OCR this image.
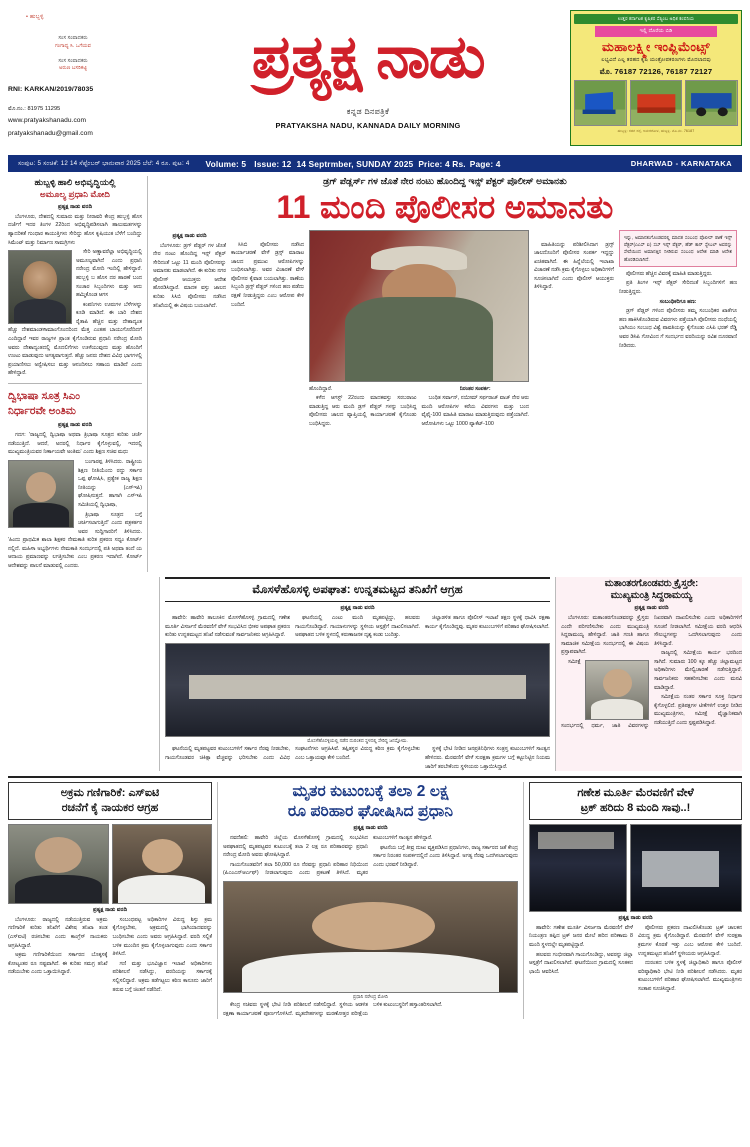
• ಹುಬ್ಬಳ್ಳಿ
ಸಂಸ ಸಂಪಾದಕರು
ಗಂಗಾಧ್ಯ ಸಿ. ಒಗೆಯವ
ಸಂಸ ಸಂಪಾದಕರು
ಅರುಣ ಬಸರಿಕಟ್ಟಿ
RNI: KARKAN/2019/78035
ಮೊ.ನಂ.: 81975 11295
www.pratyakshanadu.com
pratyakshanadu@gmail.com
ಪ್ರತ್ಯಕ್ಷ ನಾಡು
ಕನ್ನಡ ದಿನಪತ್ರಿಕೆ
PRATYAKSHA NADU, KANNADA DAILY MORNING
ಉತ್ತರ ಕರ್ನಾಟಕ ಕೃಷಿಕರ ಸೆಪ್ಟಿಂಬ ಅಧಿಕ ಕಂಪನಿಯ
ಇಲ್ಲಿ ದೊರೆಯ ಬಿಡಿ
ಮಹಾಲಕ್ಷ್ಮೀ ಇಂಪ್ಲಿಮೆಂಟ್ಸ್
ಲಭ್ಯವಿದೆ ಎಲ್ಲ ತರಹದ ಕೃಷಿ ಯಂತ್ರೋಪಕರಣಗಳು ಮೊದಲಾದವು
ಮೊ. 76187 72126, 76187 72127
ಹುಬ್ಬಳ್ಳಿ: ಗದಗ ರಸ್ತೆ, ಅಮರಗೋಳ, ಹುಬ್ಬಳ್ಳಿ. ಮೊ.ನಂ. 76187
ಸಂಪುಟ: 5 ಸಂಚಿಕೆ: 12 14 ಸೆಪ್ಟೆಂಬರ್ ಭಾನುವಾರ 2025 ಬೆಲೆ: 4 ರೂ. ಪುಟ: 4 Volume: 5 Issue: 12 14 Septrmber, SUNDAY 2025 Price: 4 Rs. Page: 4	DHARWAD - KARNATAKA
ಹುಬ್ಬಳ್ಳಿ ಹಾಲಿ ಅಭಿವೃದ್ಧಿಯಲ್ಲಿ
ಅಮೂಲ್ಯ ಪ್ರಧಾನಿ ಮೋದಿ
ಪ್ರತ್ಯಕ್ಷ ನಾಡು ವರದಿ

ಬೆಂಗಳೂರು, ದೇಶದಲ್ಲಿ ಸುಮಾರು ಮತ್ತು ನೀರಾವರಿ ಕೇಂದ್ರ ಹುಬ್ಬಳ್ಳಿ ಹೊಸ ದರ್ಜೆಗೆ ಇದರ ತಿಂಗಳ 22ರಿಂದ ಅಭಿವೃದ್ಧಿಪಡಿಸಲಾಗಿ ಹಾಲುಮತಗಳನ್ನು ಹ್ಯಾದರಿಕತೆ ಗುಂಧಾರ ಕಾಯುತ್ತಿಗಳು ಸೇರಿದ್ದು ಹೊಸ ಕೃಷಿಯುತ ಬೆಳೆಗೆ ಬಂದಿದ್ದು ಸಿಮೆಂಟ್ ಮತ್ತು ನಿರ್ಮಾಣ ಸಾಮಗ್ರಿಗಳು

ಸೇರಿ ಅಣ್ಣಾವರೆಲ್ಲಾ ಅಭಿವೃದ್ಧಿಯಲ್ಲಿ ಅಮೂಲ್ಯವಾಗಿದೆ ಎಂದು ಪ್ರಧಾನಿ ನರೇಂದ್ರ ಮೋದಿ ಇಂದಿಲ್ಲಿ ಹೇಳಿದ್ದಾರೆ. ಹುಬ್ಬಳ್ಳಿ ಬ ಹೊಸ ದರ ಹಾರಣೆ ಬಂದ ಸಂಚಾರ ಸಿಬ್ಬಂದಿಗಳು ಮತ್ತು ಆದು ಹಮ್ಮಿಕೊಂಡ ಆಗಸ

ಕಂಪನಿಗಳು ಊರುಗಳ ಬೆಳೆಗಳನ್ನು ಕೂಡಿ ಮಾಡಿದೆ. ಈ ಬಾರಿ ದೇಶದ ರೈತಾಪಿ ಹೆಚ್ಚಿನ ಮತ್ತು ದೇಶಾದ್ಯಂತ ಹೆಚ್ಚು ದೇಶಮಾಂಡಳಾಮಾಂಗೊಂದರಿಂದ ಮೆತ್ತ ಎಂತಹ ಬಾಯುಗೊರೆದಿದಗೆ ಎಂದಿದ್ದಾರೆ ಇವರ ರಾಜ್ಯಗಳ ಪ್ರಾಂತ ಕೈಗೊಂಡಿರುವ ಪ್ರಧಾನಿ ನರೇಂದ್ರ ಮೋದಿ ಅವರು ದೇಶಾದ್ಯಂತದಲ್ಲಿ ಮೊದಲಿಗೆಗಳು ಊಳೆಯುವುದು ಮತ್ತು ಹೊಂದಿಗೆ ಉಂಟು ಮಾಡುವುದು ಅಗತ್ಯವಾಗುತ್ತದೆ. ಹೆಚ್ಚು ಜನರು ದೇಶದ ವಿವಿಧ ಭಾಗಗಳಲ್ಲಿ ಪ್ರಯಾಣಿಸಲು ಅನ್ವೇಷಿಸಲು ಮತ್ತು ಆನಂದಿಸಲು ಸಹಾಯ ಮಾಡಿದೆ ಎಂದು ಹೇಳಿದ್ದಾರೆ.

ದ್ವಿಭಾಷಾ ಸೂತ್ರ ಸಿಎಂ
ನಿರ್ಧಾರವೇ ಅಂತಿಮ
ಪ್ರತ್ಯಕ್ಷ ನಾಡು ವರದಿ

ಗದಗ: 'ರಾಜ್ಯದಲ್ಲಿ ದ್ವಿಭಾಷಾ ಅಥವಾ ತ್ರಿಭಾಷಾ ಸೂತ್ರದ ಕುರಿತು ಚರ್ಚೆ ನಡೆಯುತ್ತಿದೆ. ಆದರೆ, ಅದರಲ್ಲಿ ನಿರ್ಧಾರ ಕೈಗೊಳ್ಳುವಲ್ಲಿ, ಇದರಲ್ಲಿ ಮುಖ್ಯಮಂತ್ರಿಯವರ ನಿರ್ಣಾಯವೇ ಅಂತಿಮ' ಎಂದು ಶಿಕ್ಷಣ ಸಚಿವ ಮಧು

ಬಂಗಾರಪ್ಪ ತಿಳಿಸಿದರು. ರಾಷ್ಟ್ರೀಯ ಶಿಕ್ಷಣ ನೀತಿಯೆಂದು ರದ್ದು ಸರ್ಕಾರ ಒಪ್ಪ ಘೋಷಿಸಿ, ಪ್ರತ್ಯೇಕ ರಾಜ್ಯ ಶಿಕ್ಷಣ ನೀತಿಯನ್ನು (ಎಸ್ಇಪಿ) ಘೋಷಿಸುತ್ತದೆ. ಹಾಗಾಗಿ ಎಸ್ಇಪಿ ಸಮಿತಿಯಲ್ಲಿ ದ್ವಿಭಾಷಾ,

ತ್ರಿಭಾಷಾ ಸೂತ್ರದ ಬಗ್ಗೆ ಚರ್ಚಿಸಲಾಗುತ್ತಿದೆ' ಎಂದು ಪತ್ರಕರ್ತರ ಅವರ ಸುದ್ದಿಗಾರರಿಗೆ ತಿಳಿಸಿದರು. 'ಹಿಂದು ಪ್ರಾಥಮಿಕ ಶಾಲಾ ಶಿಕ್ಷಕರ ನೇಮಕಾತಿ ಕುರಿತ ಪ್ರಕರಣ ಸಧ್ಯಂ ಕೋರ್ಟ್ ನಲ್ಲಿದೆ. ಮಹಿಳಾ ಅಭ್ಯರ್ಥಿಗಳು ನೇಮಕಾತಿ ಸಂದರ್ಭದಲ್ಲಿ ಪತಿ ಅಥವಾ ತಂದೆ ಯ ಆದಾಯ ಪ್ರಮಾಣವನ್ನು ಲಗತ್ತಿಸಬೇಕು ಎಂಬ ಪ್ರಕರಣ ಇದಾಗಿದೆ. ಕೋರ್ಟ್ ಆದೇಶವನ್ನು ಪಾಲನೆ ಮಾಡುವಲ್ಲಿ ಎಂದರು.

ಡ್ರಗ್ ಪೆಡ್ಲರ್ಸ್ ಗಳ ಜೊತೆ ನೇರ ನಂಟು ಹೊಂದಿದ್ದ ಇನ್ಸ್ ಪೆಕ್ಟರ್ ಪೊಲೀಸ್ ಅಮಾನತು
11 ಮಂದಿ ಪೊಲೀಸರ ಅಮಾನತು
ಪ್ರತ್ಯಕ್ಷ ನಾಡು ವರದಿ

ಬೆಂಗಳೂರು: ಡ್ರಗ್ ಪೆಡ್ಲರ್ ಗಳ ಜೊತೆ ನೇರ ನಂಟು ಹೊಂದಿದ್ದ ಇನ್ಸ್ ಪೆಕ್ಟರ್ ಸೇರಿದಂತೆ ಒಟ್ಟು 11 ಮಂದಿ ಪೊಲೀಸರನ್ನು ಅಮಾನತು ಮಾಡಲಾಗಿದೆ. ಈ ಕುರಿತು ನಗರ ಪೊಲೀಸ್ ಆಯುಕ್ತರು ಆದೇಶ ಹೊರಡಿಸಿದ್ದಾರೆ. ಮಾದಕ ವಸ್ತು ಜಾಲದ ಕುರಿತು ಸಿಸಿಬಿ ಪೊಲೀಸರು ನಡೆಸಿದ ತನಿಖೆಯಲ್ಲಿ ಈ ವಿಷಯ ಬಯಲಾಗಿದೆ.

ಸಿಸಿಬಿ ಪೊಲೀಸರು ನಡೆಸಿದ ಕಾರ್ಯಾಚರಣೆ ವೇಳೆ ಡ್ರಗ್ಸ್ ಮಾರಾಟ ಜಾಲದ ಪ್ರಮುಖ ಆರೋಪಿಗಳನ್ನು ಬಂಧಿಸಲಾಗಿತ್ತು. ಅವರ ವಿಚಾರಣೆ ವೇಳೆ ಪೊಲೀಸರ ಕೈವಾಡ ಬಯಲಾಗಿತ್ತು. ಠಾಣೆಯ ಸಿಬ್ಬಂದಿ ಡ್ರಗ್ಸ್ ಪೆಡ್ಲರ್ ಗಳಿಂದ ಹಣ ಪಡೆದು ರಕ್ಷಣೆ ನೀಡುತ್ತಿದ್ದರು ಎಂಬ ಆರೋಪ ಕೇಳಿ ಬಂದಿದೆ.

ಹೊಂದಿದ್ದಾರೆ.

ಕಳೆದ ಆಗಸ್ಟ್ 22ರಂದು ಮಾದಕವಸ್ತು ಸರಬರಾಜು ಮಾಡುತ್ತಿದ್ದ ಆರು ಮಂದಿ ಡ್ರಗ್ ಪೆಡ್ಲರ್ ಗಳನ್ನು ಬಂಧಿಸಿದ್ದ ಪೊಲೀಸರು ಜಾಲದ ವ್ಯಾಪ್ತಿಯಲ್ಲಿ ಕಾರ್ಯಾಚರಣೆ ಕೈಗೊಂಡು ಬಂಧಿಸಿದ್ದರು.

ನಿರಂತರ ಸಂಪರ್ಕ:

ಬಂಧಿತ ಸರ್ವಾನ್, ನಯೀಮ್ ಸರ್ಫರಾಜ್ ವಾಜ್ ನೇರ ಆರು ಮಂದಿ ಆರೋಪಿಗಳ ಕರೆಯ ವಿವರಗಳು ಮತ್ತು ಬಂದ ವೈಫೈ-100 ಮಾಹಿತಿ ಮಾರಾಟ ಮಾಡುತ್ತಿರುವುದು ಪತ್ತೆಯಾಗಿದೆ. ಆರೋಪಿಗಳು ಒಟ್ಟು 1000 ಪ್ಯಾಕೆಟ್-100

ಮಾಹಿತಿಯನ್ನು ಪರಿಶೀಲಿಸಿದಾಗ ಡ್ರಗ್ಸ್ ಜಾಲದೊಂದಿಗೆ ಪೊಲೀಸರ ಸಂಪರ್ಕ ಇದ್ದದ್ದು ಖಚಿತವಾಗಿದೆ. ಈ ಹಿನ್ನೆಲೆಯಲ್ಲಿ ಇಲಾಖಾ ವಿಚಾರಣೆ ನಡೆಸಿ ಕ್ರಮ ಕೈಗೊಳ್ಳಲು ಅಧಿಕಾರಿಗಳಿಗೆ ಸೂಚಿಸಲಾಗಿದೆ ಎಂದು ಪೊಲೀಸ್ ಆಯುಕ್ತರು ತಿಳಿಸಿದ್ದಾರೆ.

ಇನ್ನು, ಅಮಾನತುಗೊಂಡವರಲ್ಲಿ ಮಾದಕ ಸಂಬಂಧ ಪೊಲೀಸ್ ಠಾಣೆ ಇನ್ಸ್ ಪೆಕ್ಟರ್(ಎಎಸ್ ಐ) ಸಬ್ ಇನ್ಸ್ ಪೆಕ್ಟರ್, ಹೆಡ್ ಕಾನ್ ಸ್ಟೇಬಲ್ ಅವರನ್ನು ಸೇವೆಯಿಂದ ಅಮಾನತ್ತಿನ ನೀಡಿರುವ ಸಂಬಂಧ ಆದೇಶ ಮಾಡಿ ಆದೇಶ ಹೊರಡಿಸಲಾಗಿದೆ.

ಪೊಲೀಸರು ಹೆಚ್ಚಿನ ವಿವರಕ್ಕೆ ಮಾಹಿತಿ ಮಾಡುತ್ತಿದ್ದರು.

ಪ್ರತಿ ತಿಂಗಳ ಇನ್ಸ್ ಪೆಕ್ಟರ್ ಸೇರಿದಂತೆ ಸಿಬ್ಬಂದಿಗಳಿಗೆ ಹಣ ನೀಡುತ್ತಿದ್ದರು.

ಸಂಬಂಧಿಕರಿಗೂ ಹಣ:

ಡ್ರಗ್ ಪೆಡ್ಲರ್ ಗಳಿಂದ ಪೊಲೀಸರು ತಮ್ಮ ಸಂಬಂಧಿಕರ ಖಾತೆಗೂ ಹಣ ಹಾಕಿಸಿಕೊಂಡಿರುವ ವಿವರಗಳು ಪತ್ತೆಯಾಗಿ ಪೊಲೀಸರು ದಂಧೆಯಲ್ಲಿ ಭಾಗಿಯಂ ಸಂಬಂಧ ವಿಶ್ವೆ ಪಾವತಿಯನ್ನು ಕೈಗೊಂಡು ಎಸಿಪಿ ಭರತ್ ರೆಡ್ಡಿ ಅವರ ಡಿಸಿಪಿ ಗೋವಿಂದ ಗೆ ಸಂದರ್ಭದ ವರದಿಯನ್ನು ರವಿಶ ದೂರವಾಣಿ ನೀಡಿದರು.

ಮೊಸಳೆಹೊಸಳ್ಳಿ ಅಪಘಾತ: ಉನ್ನತಮಟ್ಟದ ತನಿಖೆಗೆ ಆಗ್ರಹ
ಪ್ರತ್ಯಕ್ಷ ನಾಡು ವರದಿ

ಹಾವೇರಿ: ಹಾವೇರಿ ತಾಲೂಕಿನ ಮೊಸಳೆಹೊಸಳ್ಳಿ ಗ್ರಾಮದಲ್ಲಿ ಗಣೇಶ ಮೂರ್ತಿ ವಿಸರ್ಜನೆ ಮೆರವಣಿಗೆ ವೇಳೆ ಸಂಭವಿಸಿದ ಭೀಕರ ಅಪಘಾತ ಪ್ರಕರಣ ಕುರಿತು ಉನ್ನತಮಟ್ಟದ ತನಿಖೆ ನಡೆಸುವಂತೆ ಸಾರ್ವಜನಿಕರು ಆಗ್ರಹಿಸಿದ್ದಾರೆ.

ಘಟನೆಯಲ್ಲಿ ಎಂಟು ಮಂದಿ ಮೃತಪಟ್ಟಿದ್ದು, ಹಲವರು ಗಾಯಗೊಂಡಿದ್ದಾರೆ. ಗಾಯಾಳುಗಳನ್ನು ಸ್ಥಳೀಯ ಆಸ್ಪತ್ರೆಗೆ ದಾಖಲಿಸಲಾಗಿದೆ. ಅಪಘಾತದ ಬಳಿಕ ಸ್ಥಳದಲ್ಲಿ ಕರುಣಾಜನಕ ದೃಶ್ಯ ಕಂಡು ಬಂದಿತ್ತು.

ಜಿಲ್ಲಾಡಳಿತ ಹಾಗೂ ಪೊಲೀಸ್ ಇಲಾಖೆ ತಕ್ಷಣ ಸ್ಥಳಕ್ಕೆ ಧಾವಿಸಿ ರಕ್ಷಣಾ ಕಾರ್ಯ ಕೈಗೊಂಡಿದ್ದವು. ಮೃತರ ಕುಟುಂಬಗಳಿಗೆ ಪರಿಹಾರ ಘೋಷಿಸಲಾಗಿದೆ.

ಮೊಸಳೆಹೊಸಳ್ಳಿಯಲ್ಲಿ ನಡೆದ ದುರಂತದ ಸ್ಥಳದಲ್ಲಿ ಸೇರಿದ್ದ ಜನಸ್ತೋಮ.

ಘಟನೆಯಲ್ಲಿ ಮೃತಪಟ್ಟವರ ಕುಟುಂಬಗಳಿಗೆ ಸರ್ಕಾರ ನೆರವು ನೀಡಬೇಕು, ಗಾಯಗೊಂಡವರ ಚಿಕಿತ್ಸಾ ವೆಚ್ಚವನ್ನು ಭರಿಸಬೇಕು ಎಂದು ವಿವಿಧ ಸಂಘಟನೆಗಳು ಆಗ್ರಹಿಸಿವೆ. ತಪ್ಪಿತಸ್ಥರ ವಿರುದ್ಧ ಕಠಿಣ ಕ್ರಮ ಕೈಗೊಳ್ಳಬೇಕು ಎಂಬ ಒತ್ತಾಯವೂ ಕೇಳಿ ಬಂದಿದೆ.

ಸ್ಥಳಕ್ಕೆ ಭೇಟಿ ನೀಡಿದ ಜನಪ್ರತಿನಿಧಿಗಳು ಸಂತ್ರಸ್ತ ಕುಟುಂಬಗಳಿಗೆ ಸಾಂತ್ವನ ಹೇಳಿದರು. ಮೆರವಣಿಗೆ ವೇಳೆ ಸುರಕ್ಷತಾ ಕ್ರಮಗಳ ಬಗ್ಗೆ ಕಟ್ಟುನಿಟ್ಟಿನ ನಿಯಮ ಜಾರಿಗೆ ತರಬೇಕೆಂದು ಸ್ಥಳೀಯರು ಒತ್ತಾಯಿಸಿದ್ದಾರೆ.

ಮತಾಂತರಗೊಂಡವರು ಕ್ರೈಸ್ತರೇ:
ಮುಖ್ಯಮಂತ್ರಿ ಸಿದ್ದರಾಮಯ್ಯ
ಪ್ರತ್ಯಕ್ಷ ನಾಡು ವರದಿ

ಬೆಂಗಳೂರು: ಮತಾಂತರಗೊಂಡವರನ್ನು ಕ್ರೈಸ್ತರು ಎಂದೇ ಪರಿಗಣಿಸಬೇಕು ಎಂದು ಮುಖ್ಯಮಂತ್ರಿ ಸಿದ್ದರಾಮಯ್ಯ ಹೇಳಿದ್ದಾರೆ. ಜಾತಿ ಗಣತಿ ಹಾಗೂ ಸಾಮಾಜಿಕ ಸಮೀಕ್ಷೆಯ ಸಂದರ್ಭದಲ್ಲಿ ಈ ವಿಷಯ ಪ್ರಸ್ತಾಪವಾಗಿದೆ.

ಸಮೀಕ್ಷೆ ಸಂದರ್ಭದಲ್ಲಿ ಧರ್ಮ, ಜಾತಿ ವಿವರಗಳನ್ನು ನಿಖರವಾಗಿ ದಾಖಲಿಸಬೇಕು ಎಂದು ಅಧಿಕಾರಿಗಳಿಗೆ ಸೂಚನೆ ನೀಡಲಾಗಿದೆ. ಸಮೀಕ್ಷೆಯ ವರದಿ ಆಧರಿಸಿ ಸೌಲಭ್ಯಗಳನ್ನು ಒದಗಿಸಲಾಗುವುದು ಎಂದು ತಿಳಿಸಿದ್ದಾರೆ.

ರಾಜ್ಯದಲ್ಲಿ ಸಮೀಕ್ಷೆಯ ಕಾರ್ಯ ಭರದಿಂದ ಸಾಗಿದೆ. ಸುಮಾರು 100 ಕ್ಕೂ ಹೆಚ್ಚು ಜಿಲ್ಲಾಮಟ್ಟದ ಅಧಿಕಾರಿಗಳು ಮೇಲ್ವಿಚಾರಣೆ ನಡೆಸುತ್ತಿದ್ದಾರೆ. ಸಾರ್ವಜನಿಕರು ಸಹಕರಿಸಬೇಕು ಎಂದು ಮನವಿ ಮಾಡಿದ್ದಾರೆ.

ಸಮೀಕ್ಷೆಯ ನಂತರ ಸರ್ಕಾರ ಸೂಕ್ತ ನಿರ್ಧಾರ ಕೈಗೊಳ್ಳಲಿದೆ. ಪ್ರತಿಪಕ್ಷಗಳ ಟೀಕೆಗಳಿಗೆ ಉತ್ತರ ನೀಡಿದ ಮುಖ್ಯಮಂತ್ರಿಗಳು, ಸಮೀಕ್ಷೆ ವೈಜ್ಞಾನಿಕವಾಗಿ ನಡೆಯುತ್ತಿದೆ ಎಂದು ಸ್ಪಷ್ಟಪಡಿಸಿದ್ದಾರೆ.

ಅಕ್ರಮ ಗಣಿಗಾರಿಕೆ: ಎಸ್ಐಟಿ
ರಚನೆಗೆ ಕೈ ನಾಯಕರ ಆಗ್ರಹ
ಪ್ರತ್ಯಕ್ಷ ನಾಡು ವರದಿ

ಬೆಂಗಳೂರು: ರಾಜ್ಯದಲ್ಲಿ ನಡೆಯುತ್ತಿರುವ ಅಕ್ರಮ ಗಣಿಗಾರಿಕೆ ಕುರಿತು ತನಿಖೆಗೆ ವಿಶೇಷ ತನಿಖಾ ತಂಡ (ಎಸ್ಐಟಿ) ರಚಿಸಬೇಕು ಎಂದು ಕಾಂಗ್ರೆಸ್ ನಾಯಕರು ಆಗ್ರಹಿಸಿದ್ದಾರೆ.

ಅಕ್ರಮ ಗಣಿಗಾರಿಕೆಯಿಂದ ಸರ್ಕಾರದ ಬೊಕ್ಕಸಕ್ಕೆ ಕೋಟ್ಯಂತರ ರೂ ನಷ್ಟವಾಗಿದೆ. ಈ ಕುರಿತು ಸಮಗ್ರ ತನಿಖೆ ನಡೆಯಬೇಕು ಎಂದು ಒತ್ತಾಯಿಸಿದ್ದಾರೆ.

ಸಂಬಂಧಪಟ್ಟ ಅಧಿಕಾರಿಗಳ ವಿರುದ್ಧ ಶಿಸ್ತು ಕ್ರಮ ಕೈಗೊಳ್ಳಬೇಕು, ಅಕ್ರಮದಲ್ಲಿ ಭಾಗಿಯಾದವರನ್ನು ಬಂಧಿಸಬೇಕು ಎಂದು ಅವರು ಆಗ್ರಹಿಸಿದ್ದಾರೆ. ವರದಿ ಸಲ್ಲಿಕೆ ಬಳಿಕ ಮುಂದಿನ ಕ್ರಮ ಕೈಗೊಳ್ಳಲಾಗುವುದು ಎಂದು ಸರ್ಕಾರ ತಿಳಿಸಿದೆ.

ಗಣಿ ಮತ್ತು ಭೂವಿಜ್ಞಾನ ಇಲಾಖೆ ಅಧಿಕಾರಿಗಳು ಪರಿಶೀಲನೆ ನಡೆಸಿದ್ದು, ವರದಿಯನ್ನು ಸರ್ಕಾರಕ್ಕೆ ಸಲ್ಲಿಸಲಿದ್ದಾರೆ. ಅಕ್ರಮ ತಡೆಗಟ್ಟಲು ಕಠಿಣ ಕಾನೂನು ಜಾರಿಗೆ ತರುವ ಬಗ್ಗೆ ಚಿಂತನೆ ನಡೆದಿದೆ.

ಮೃತರ ಕುಟುಂಬಕ್ಕೆ ತಲಾ 2 ಲಕ್ಷ
ರೂ ಪರಿಹಾರ ಘೋಷಿಸಿದ ಪ್ರಧಾನಿ
ಪ್ರತ್ಯಕ್ಷ ನಾಡು ವರದಿ

ನವದೆಹಲಿ: ಹಾವೇರಿ ಜಿಲ್ಲೆಯ ಮೊಸಳೆಹೊಸಳ್ಳಿ ಗ್ರಾಮದಲ್ಲಿ ಸಂಭವಿಸಿದ ಅಪಘಾತದಲ್ಲಿ ಮೃತಪಟ್ಟವರ ಕುಟುಂಬಕ್ಕೆ ತಲಾ 2 ಲಕ್ಷ ರೂ ಪರಿಹಾರವನ್ನು ಪ್ರಧಾನಿ ನರೇಂದ್ರ ಮೋದಿ ಅವರು ಘೋಷಿಸಿದ್ದಾರೆ.

ಗಾಯಗೊಂಡವರಿಗೆ ತಲಾ 50,000 ರೂ ನೆರವನ್ನು ಪ್ರಧಾನಿ ಪರಿಹಾರ ನಿಧಿಯಿಂದ (ಪಿಎಂಎನ್ಆರ್ಎಫ್) ನೀಡಲಾಗುವುದು ಎಂದು ಪ್ರಕಟಣೆ ತಿಳಿಸಿದೆ. ಮೃತರ ಕುಟುಂಬಗಳಿಗೆ ಸಾಂತ್ವನ ಹೇಳಿದ್ದಾರೆ.

ಘಟನೆಯ ಬಗ್ಗೆ ತೀವ್ರ ದುಃಖ ವ್ಯಕ್ತಪಡಿಸಿದ ಪ್ರಧಾನಿಗಳು, ರಾಜ್ಯ ಸರ್ಕಾರದ ಜತೆ ಕೇಂದ್ರ ಸರ್ಕಾರ ನಿರಂತರ ಸಂಪರ್ಕದಲ್ಲಿದೆ ಎಂದು ತಿಳಿಸಿದ್ದಾರೆ. ಅಗತ್ಯ ನೆರವು ಒದಗಿಸಲಾಗುವುದು ಎಂದು ಭರವಸೆ ನೀಡಿದ್ದಾರೆ.

ಪ್ರಧಾನಿ ನರೇಂದ್ರ ಮೋದಿ

ಕೇಂದ್ರ ಸಚಿವರು ಸ್ಥಳಕ್ಕೆ ಭೇಟಿ ನೀಡಿ ಪರಿಶೀಲನೆ ನಡೆಸಲಿದ್ದಾರೆ. ಸ್ಥಳೀಯ ಆಡಳಿತ ರಕ್ಷಣಾ ಕಾರ್ಯಾಚರಣೆ ಪೂರ್ಣಗೊಳಿಸಿದೆ. ಮೃತದೇಹಗಳನ್ನು ಮರಣೋತ್ತರ ಪರೀಕ್ಷೆಯ ಬಳಿಕ ಕುಟುಂಬಸ್ಥರಿಗೆ ಹಸ್ತಾಂತರಿಸಲಾಗಿದೆ.

ಗಣೇಶ ಮೂರ್ತಿ ಮೆರವಣಿಗೆ ವೇಳೆ
ಟ್ರಕ್ ಹರಿದು 8 ಮಂದಿ ಸಾವು..!
ಪ್ರತ್ಯಕ್ಷ ನಾಡು ವರದಿ

ಹಾವೇರಿ: ಗಣೇಶ ಮೂರ್ತಿ ವಿಸರ್ಜನಾ ಮೆರವಣಿಗೆ ವೇಳೆ ನಿಯಂತ್ರಣ ತಪ್ಪಿದ ಟ್ರಕ್ ಜನರ ಮೇಲೆ ಹರಿದ ಪರಿಣಾಮ 8 ಮಂದಿ ಸ್ಥಳದಲ್ಲೇ ಮೃತಪಟ್ಟಿದ್ದಾರೆ.

ಹಲವರು ಗಂಭೀರವಾಗಿ ಗಾಯಗೊಂಡಿದ್ದು, ಅವರನ್ನು ಜಿಲ್ಲಾ ಆಸ್ಪತ್ರೆಗೆ ದಾಖಲಿಸಲಾಗಿದೆ. ಘಟನೆಯಿಂದ ಗ್ರಾಮದಲ್ಲಿ ಸೂತಕದ ಛಾಯೆ ಆವರಿಸಿದೆ.

ಪೊಲೀಸರು ಪ್ರಕರಣ ದಾಖಲಿಸಿಕೊಂಡು ಟ್ರಕ್ ಚಾಲಕನ ವಿರುದ್ಧ ಕ್ರಮ ಕೈಗೊಂಡಿದ್ದಾರೆ. ಮೆರವಣಿಗೆ ವೇಳೆ ಸುರಕ್ಷತಾ ಕ್ರಮಗಳ ಕೊರತೆ ಇತ್ತು ಎಂಬ ಆರೋಪ ಕೇಳಿ ಬಂದಿದೆ. ಉನ್ನತಮಟ್ಟದ ತನಿಖೆಗೆ ಸ್ಥಳೀಯರು ಆಗ್ರಹಿಸಿದ್ದಾರೆ.

ದುರಂತದ ಬಳಿಕ ಸ್ಥಳಕ್ಕೆ ಜಿಲ್ಲಾಧಿಕಾರಿ ಹಾಗೂ ಪೊಲೀಸ್ ವರಿಷ್ಠಾಧಿಕಾರಿ ಭೇಟಿ ನೀಡಿ ಪರಿಶೀಲನೆ ನಡೆಸಿದರು. ಮೃತರ ಕುಟುಂಬಗಳಿಗೆ ಪರಿಹಾರ ಘೋಷಿಸಲಾಗಿದೆ. ಮುಖ್ಯಮಂತ್ರಿಗಳು ಸಂತಾಪ ಸೂಚಿಸಿದ್ದಾರೆ.
